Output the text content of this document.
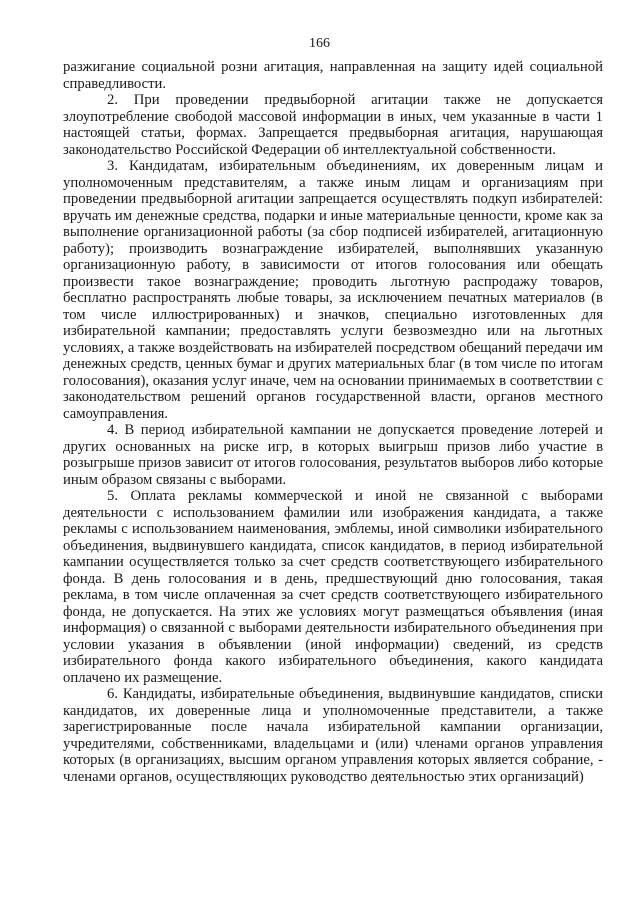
166

разжигание социальной розни агитация, направленная на защиту идей социальной справедливости.

2. При проведении предвыборной агитации также не допускается злоупотребление свободой массовой информации в иных, чем указанные в части 1 настоящей статьи, формах. Запрещается предвыборная агитация, нарушающая законодательство Российской Федерации об интеллектуальной собственности.

3. Кандидатам, избирательным объединениям, их доверенным лицам и уполномоченным представителям, а также иным лицам и организациям при проведении предвыборной агитации запрещается осуществлять подкуп избирателей: вручать им денежные средства, подарки и иные материальные ценности, кроме как за выполнение организационной работы (за сбор подписей избирателей, агитационную работу); производить вознаграждение избирателей, выполнявших указанную организационную работу, в зависимости от итогов голосования или обещать произвести такое вознаграждение; проводить льготную распродажу товаров, бесплатно распространять любые товары, за исключением печатных материалов (в том числе иллюстрированных) и значков, специально изготовленных для избирательной кампании; предоставлять услуги безвозмездно или на льготных условиях, а также воздействовать на избирателей посредством обещаний передачи им денежных средств, ценных бумаг и других материальных благ (в том числе по итогам голосования), оказания услуг иначе, чем на основании принимаемых в соответствии с законодательством решений органов государственной власти, органов местного самоуправления.

4. В период избирательной кампании не допускается проведение лотерей и других основанных на риске игр, в которых выигрыш призов либо участие в розыгрыше призов зависит от итогов голосования, результатов выборов либо которые иным образом связаны с выборами.

5. Оплата рекламы коммерческой и иной не связанной с выборами деятельности с использованием фамилии или изображения кандидата, а также рекламы с использованием наименования, эмблемы, иной символики избирательного объединения, выдвинувшего кандидата, список кандидатов, в период избирательной кампании осуществляется только за счет средств соответствующего избирательного фонда. В день голосования и в день, предшествующий дню голосования, такая реклама, в том числе оплаченная за счет средств соответствующего избирательного фонда, не допускается. На этих же условиях могут размещаться объявления (иная информация) о связанной с выборами деятельности избирательного объединения при условии указания в объявлении (иной информации) сведений, из средств избирательного фонда какого избирательного объединения, какого кандидата оплачено их размещение.

6. Кандидаты, избирательные объединения, выдвинувшие кандидатов, списки кандидатов, их доверенные лица и уполномоченные представители, а также зарегистрированные после начала избирательной кампании организации, учредителями, собственниками, владельцами и (или) членами органов управления которых (в организациях, высшим органом управления которых является собрание, - членами органов, осуществляющих руководство деятельностью этих организаций)
